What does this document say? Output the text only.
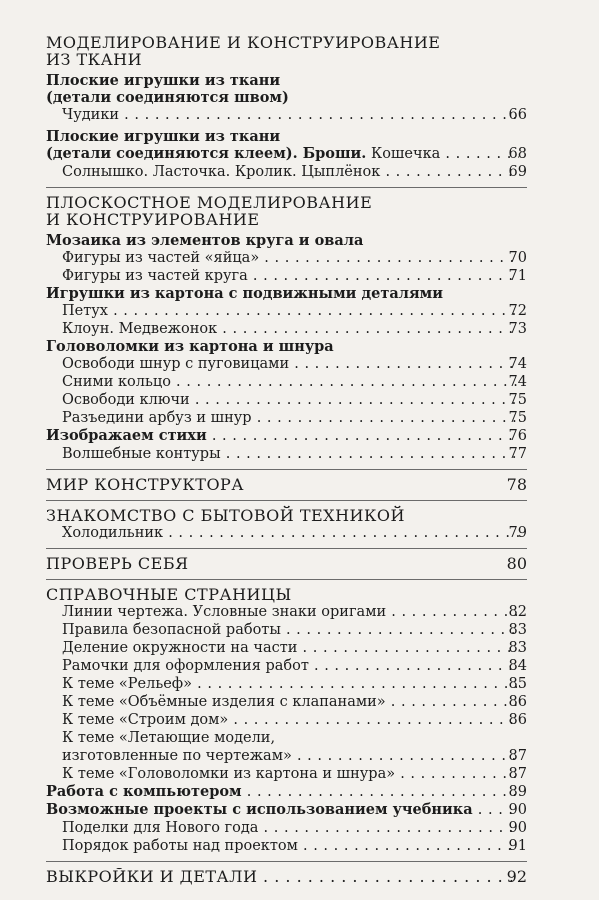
МОДЕЛИРОВАНИЕ И КОНСТРУИРОВАНИЕ
ИЗ ТКАНИ
Плоские игрушки из ткани
(детали соединяются швом)
Чудики . . .	66
Плоские игрушки из ткани
(детали соединяются клеем). Броши. Кошечка . . .	68
Солнышко. Ласточка. Кролик. Цыплёнок . . .	69
ПЛОСКОСТНОЕ МОДЕЛИРОВАНИЕ
И КОНСТРУИРОВАНИЕ
Мозаика из элементов круга и овала
Фигуры из частей «яйца» . . .	70
Фигуры из частей круга . . .	71
Игрушки из картона с подвижными деталями
Петух . . .	72
Клоун. Медвежонок . . .	73
Головоломки из картона и шнура
Освободи шнур с пуговицами . . .	74
Сними кольцо . . .	74
Освободи ключи . . .	75
Разъедини арбуз и шнур . . .	75
Изображаем стихи . . .	76
Волшебные контуры . . .	77
МИР КОНСТРУКТОРА	78
ЗНАКОМСТВО С БЫТОВОЙ ТЕХНИКОЙ
Холодильник . . .	79
ПРОВЕРЬ СЕБЯ	80
СПРАВОЧНЫЕ СТРАНИЦЫ
Линии чертежа. Условные знаки оригами . . .	82
Правила безопасной работы . . .	83
Деление окружности на части . . .	83
Рамочки для оформления работ . . .	84
К теме «Рельеф» . . .	85
К теме «Объёмные изделия с клапанами» . . .	86
К теме «Строим дом» . . .	86
К теме «Летающие модели,
изготовленные по чертежам» . . .	87
К теме «Головоломки из картона и шнура» . . .	87
Работа с компьютером . . .	89
Возможные проекты с использованием учебника . . .	90
Поделки для Нового года . . .	90
Порядок работы над проектом . . .	91
ВЫКРОЙКИ И ДЕТАЛИ . . .	92
